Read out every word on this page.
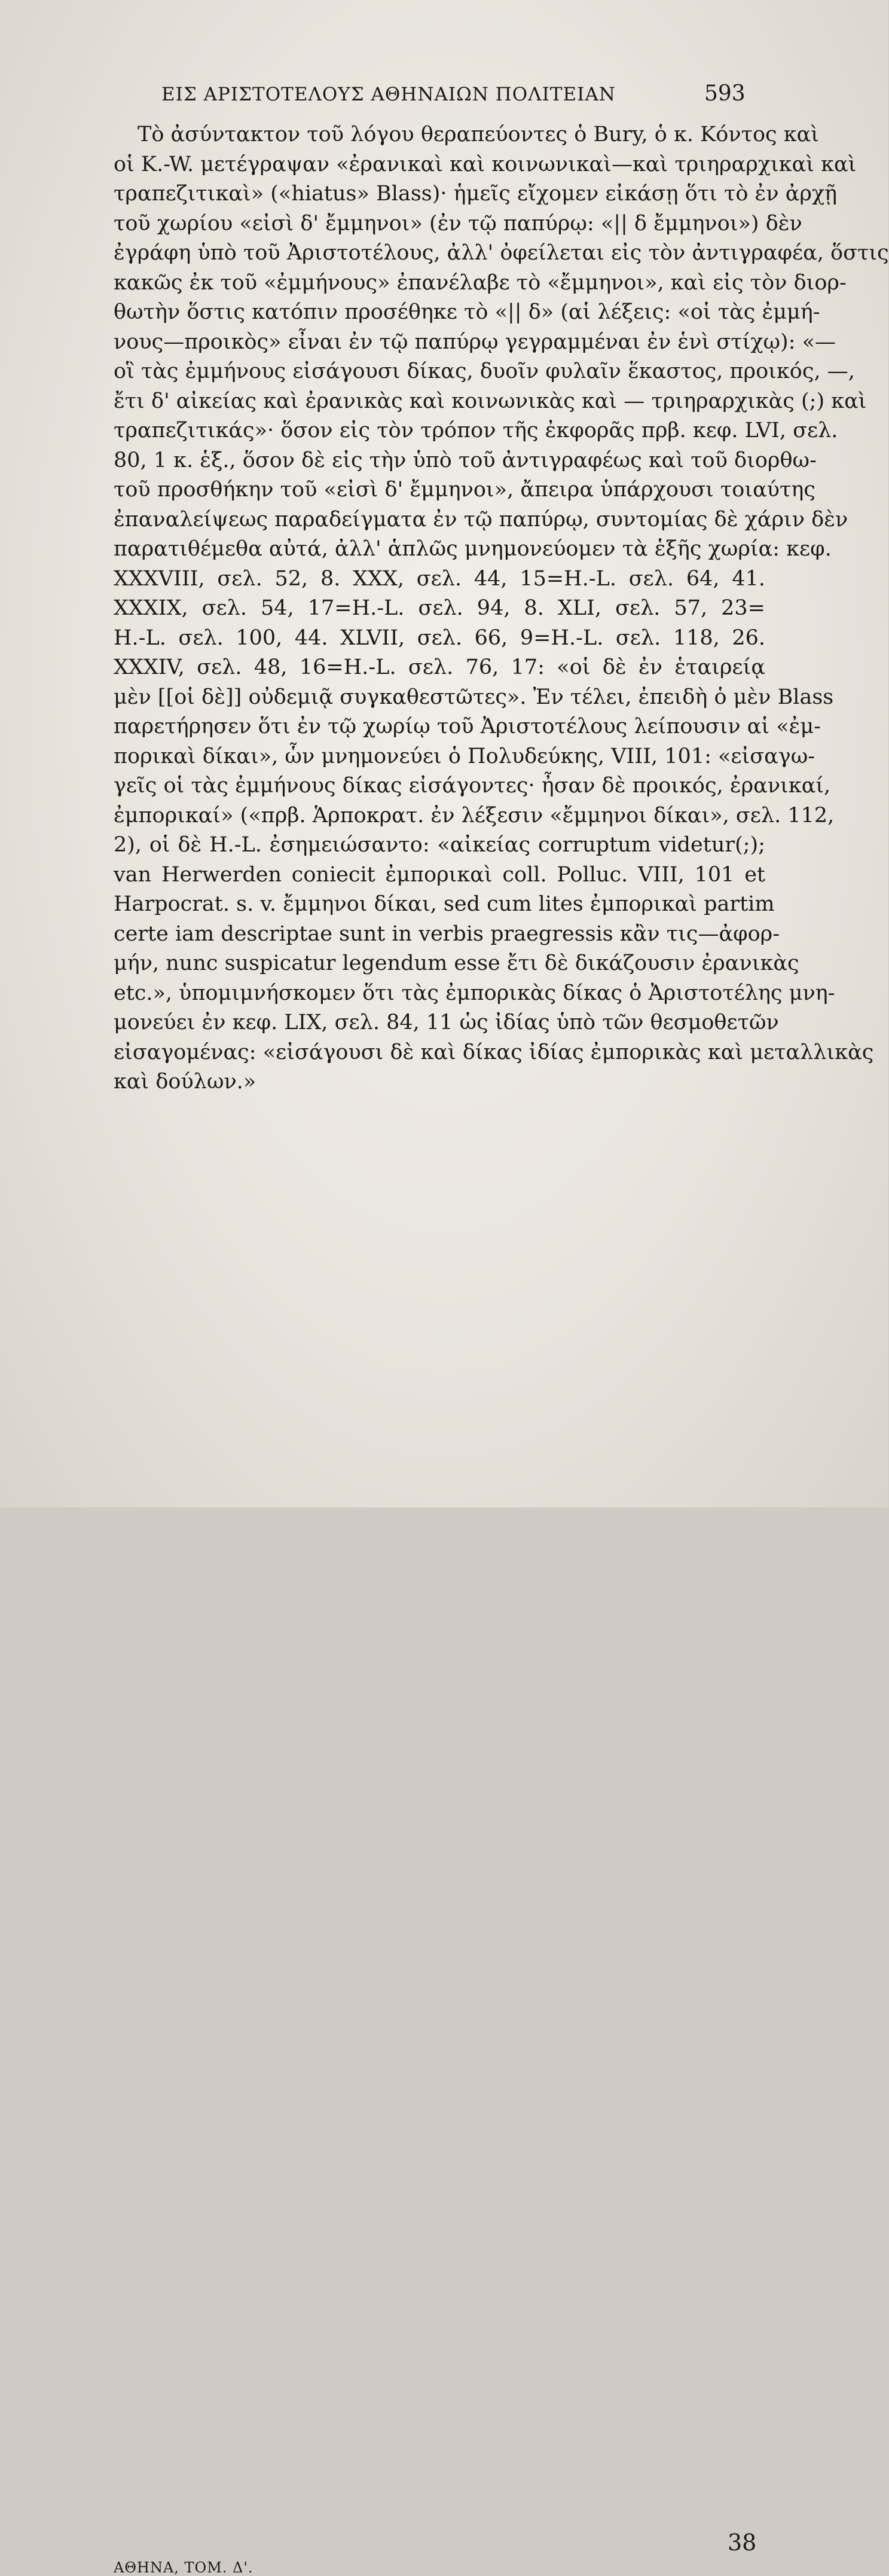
ΕΙΣ ΑΡΙΣΤΟΤΕΛΟΥΣ ΑΘΗΝΑΙΩΝ ΠΟΛΙΤΕΙΑΝ	593
Τὸ ἀσύντακτον τοῦ λόγου θεραπεύοντες ὁ Bury, ὁ κ. Κόντος καὶ
οἱ K.-W. μετέγραψαν «ἐρανικαὶ καὶ κοινωνικαὶ—καὶ τριηραρχικαὶ καὶ
τραπεζιτικαὶ» («hiatus» Blass)· ἡμεῖς εἴχομεν εἰκάσῃ ὅτι τὸ ἐν ἀρχῇ
τοῦ χωρίου «εἰσὶ δ' ἔμμηνοι» (ἐν τῷ παπύρῳ: «|| δ ἔμμηνοι») δὲν
ἐγράφη ὑπὸ τοῦ Ἀριστοτέλους, ἀλλ' ὀφείλεται εἰς τὸν ἀντιγραφέα, ὅστις
κακῶς ἐκ τοῦ «ἐμμήνους» ἐπανέλαβε τὸ «ἔμμηνοι», καὶ εἰς τὸν διορ-
θωτὴν ὅστις κατόπιν προσέθηκε τὸ «|| δ» (αἱ λέξεις: «οἱ τὰς ἐμμή-
νους—προικὸς» εἶναι ἐν τῷ παπύρῳ γεγραμμέναι ἐν ἑνὶ στίχῳ): «—
οἳ τὰς ἐμμήνους εἰσάγουσι δίκας, δυοῖν φυλαῖν ἕκαστος, προικός, —,
ἔτι δ' αἰκείας καὶ ἐρανικὰς καὶ κοινωνικὰς καὶ — τριηραρχικὰς (;) καὶ
τραπεζιτικάς»· ὅσον εἰς τὸν τρόπον τῆς ἐκφορᾶς πρβ. κεφ. LVI, σελ.
80, 1 κ. ἑξ., ὅσον δὲ εἰς τὴν ὑπὸ τοῦ ἀντιγραφέως καὶ τοῦ διορθω-
τοῦ προσθήκην τοῦ «εἰσὶ δ' ἔμμηνοι», ἄπειρα ὑπάρχουσι τοιαύτης
ἐπαναλείψεως παραδείγματα ἐν τῷ παπύρῳ, συντομίας δὲ χάριν δὲν
παρατιθέμεθα αὐτά, ἀλλ' ἁπλῶς μνημονεύομεν τὰ ἑξῆς χωρία: κεφ.
XXXVIII, σελ. 52, 8. XXX, σελ. 44, 15=H.-L. σελ. 64, 41.
XXXIX, σελ. 54, 17=H.-L. σελ. 94, 8. XLI, σελ. 57, 23=
H.-L. σελ. 100, 44. XLVII, σελ. 66, 9=H.-L. σελ. 118, 26.
XXXIV, σελ. 48, 16=H.-L. σελ. 76, 17: «οἱ δὲ ἐν ἑταιρείᾳ
μὲν [[οἱ δὲ]] οὐδεμιᾷ συγκαθεστῶτες». Ἐν τέλει, ἐπειδὴ ὁ μὲν Blass
παρετήρησεν ὅτι ἐν τῷ χωρίῳ τοῦ Ἀριστοτέλους λείπουσιν αἱ «ἐμ-
πορικαὶ δίκαι», ὧν μνημονεύει ὁ Πολυδεύκης, VIII, 101: «εἰσαγω-
γεῖς οἱ τὰς ἐμμήνους δίκας εἰσάγοντες· ἦσαν δὲ προικός, ἐρανικαί,
ἐμπορικαί» («πρβ. Ἁρποκρατ. ἐν λέξεσιν «ἔμμηνοι δίκαι», σελ. 112,
2), οἱ δὲ H.-L. ἐσημειώσαντο: «αἰκείας corruptum videtur(;);
van Herwerden coniecit ἐμπορικαὶ coll. Polluc. VIII, 101 et
Harpocrat. s. v. ἔμμηνοι δίκαι, sed cum lites ἐμπορικαὶ partim
certe iam descriptae sunt in verbis praegressis κἂν τις—ἀφορ-
μήν, nunc suspicatur legendum esse ἔτι δὲ δικάζουσιν ἐρανικὰς
etc.», ὑπομιμνήσκομεν ὅτι τὰς ἐμπορικὰς δίκας ὁ Ἀριστοτέλης μνη-
μονεύει ἐν κεφ. LIX, σελ. 84, 11 ὡς ἰδίας ὑπὸ τῶν θεσμοθετῶν
εἰσαγομένας: «εἰσάγουσι δὲ καὶ δίκας ἰδίας ἐμπορικὰς καὶ μεταλλικὰς
καὶ δούλων.»
ΑΘΗΝΑ, ΤΟΜ. Δ'.
38
